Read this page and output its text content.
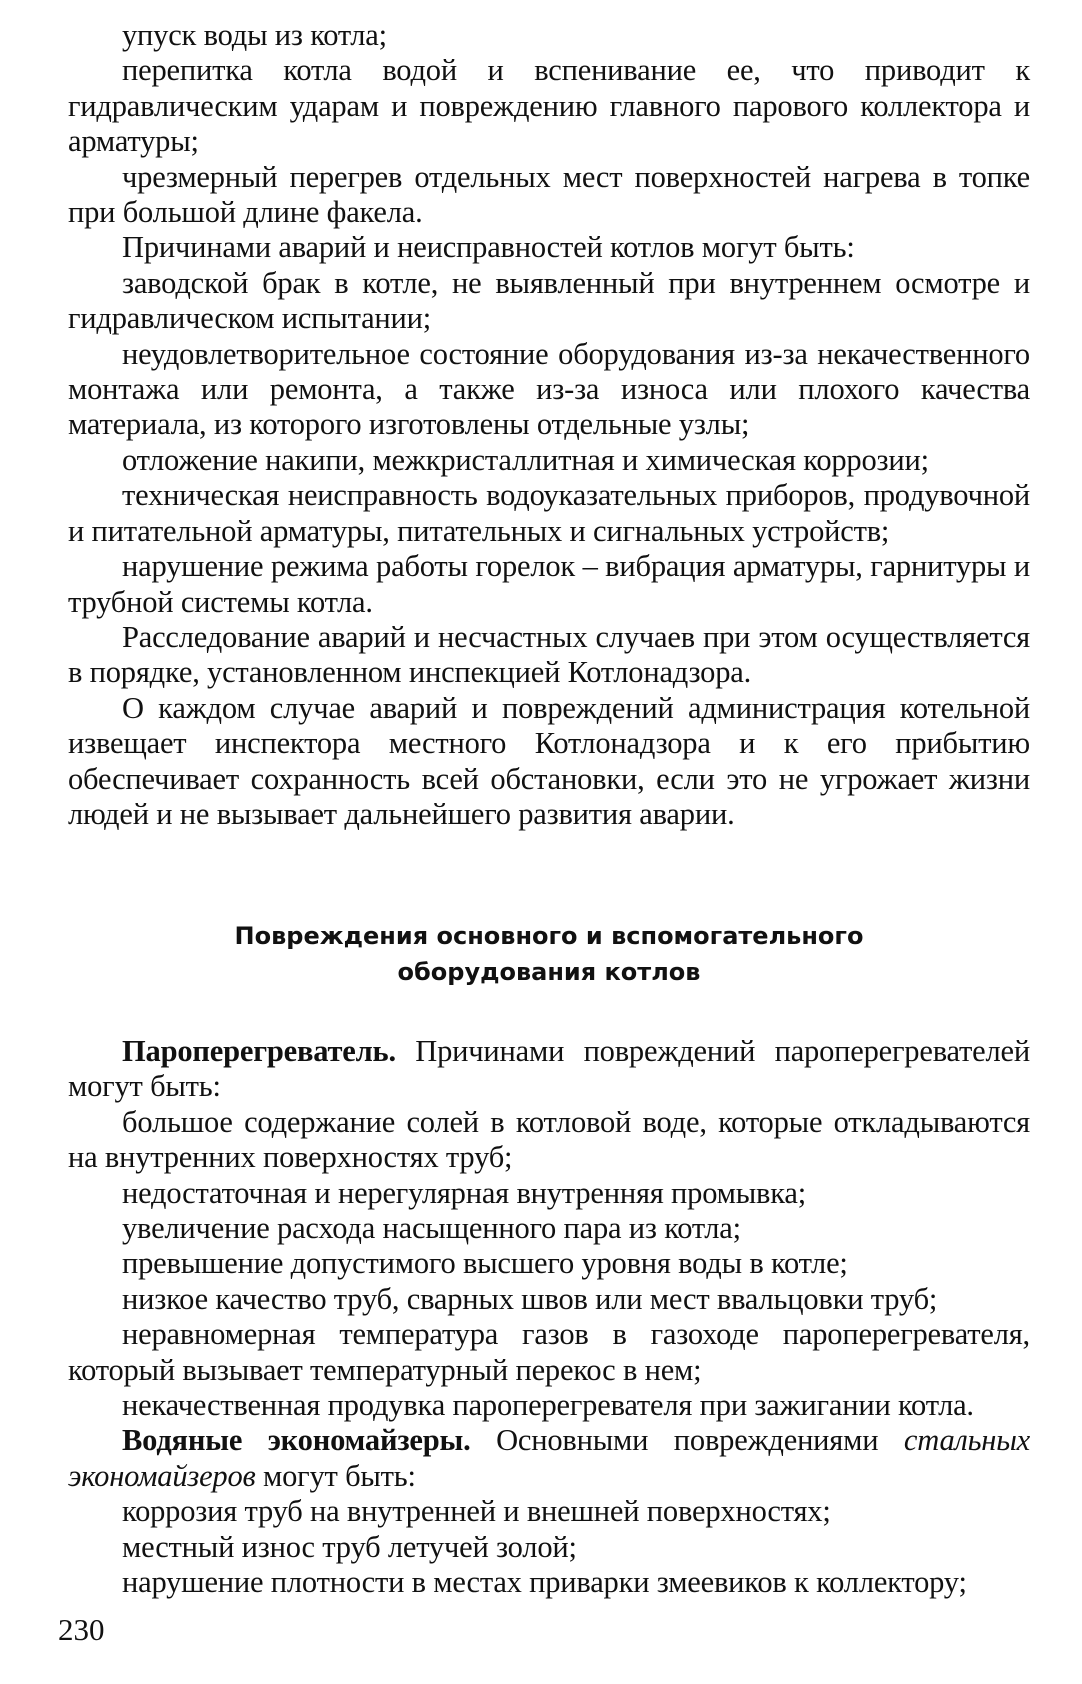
упуск воды из котла;

перепитка котла водой и вспенивание ее, что приводит к гидравлическим ударам и повреждению главного парового коллектора и арматуры;

чрезмерный перегрев отдельных мест поверхностей нагрева в топке при большой длине факела.

Причинами аварий и неисправностей котлов могут быть:

заводской брак в котле, не выявленный при внутреннем осмотре и гидравлическом испытании;

неудовлетворительное состояние оборудования из-за некачественного монтажа или ремонта, а также из-за износа или плохого качества материала, из которого изготовлены отдельные узлы;

отложение накипи, межкристаллитная и химическая коррозии;

техническая неисправность водоуказательных приборов, продувочной и питательной арматуры, питательных и сигнальных устройств;

нарушение режима работы горелок – вибрация арматуры, гарнитуры и трубной системы котла.

Расследование аварий и несчастных случаев при этом осуществляется в порядке, установленном инспекцией Котлонадзора.

О каждом случае аварий и повреждений администрация котельной извещает инспектора местного Котлонадзора и к его прибытию обеспечивает сохранность всей обстановки, если это не угрожает жизни людей и не вызывает дальнейшего развития аварии.

Повреждения основного и вспомогательного
оборудования котлов

Пароперегреватель. Причинами повреждений пароперегревателей могут быть:

большое содержание солей в котловой воде, которые откладываются на внутренних поверхностях труб;

недостаточная и нерегулярная внутренняя промывка;

увеличение расхода насыщенного пара из котла;

превышение допустимого высшего уровня воды в котле;

низкое качество труб, сварных швов или мест ввальцовки труб;

неравномерная температура газов в газоходе пароперегревателя, который вызывает температурный перекос в нем;

некачественная продувка пароперегревателя при зажигании котла.

Водяные экономайзеры. Основными повреждениями стальных экономайзеров могут быть:

коррозия труб на внутренней и внешней поверхностях;

местный износ труб летучей золой;

нарушение плотности в местах приварки змеевиков к коллектору;

230
